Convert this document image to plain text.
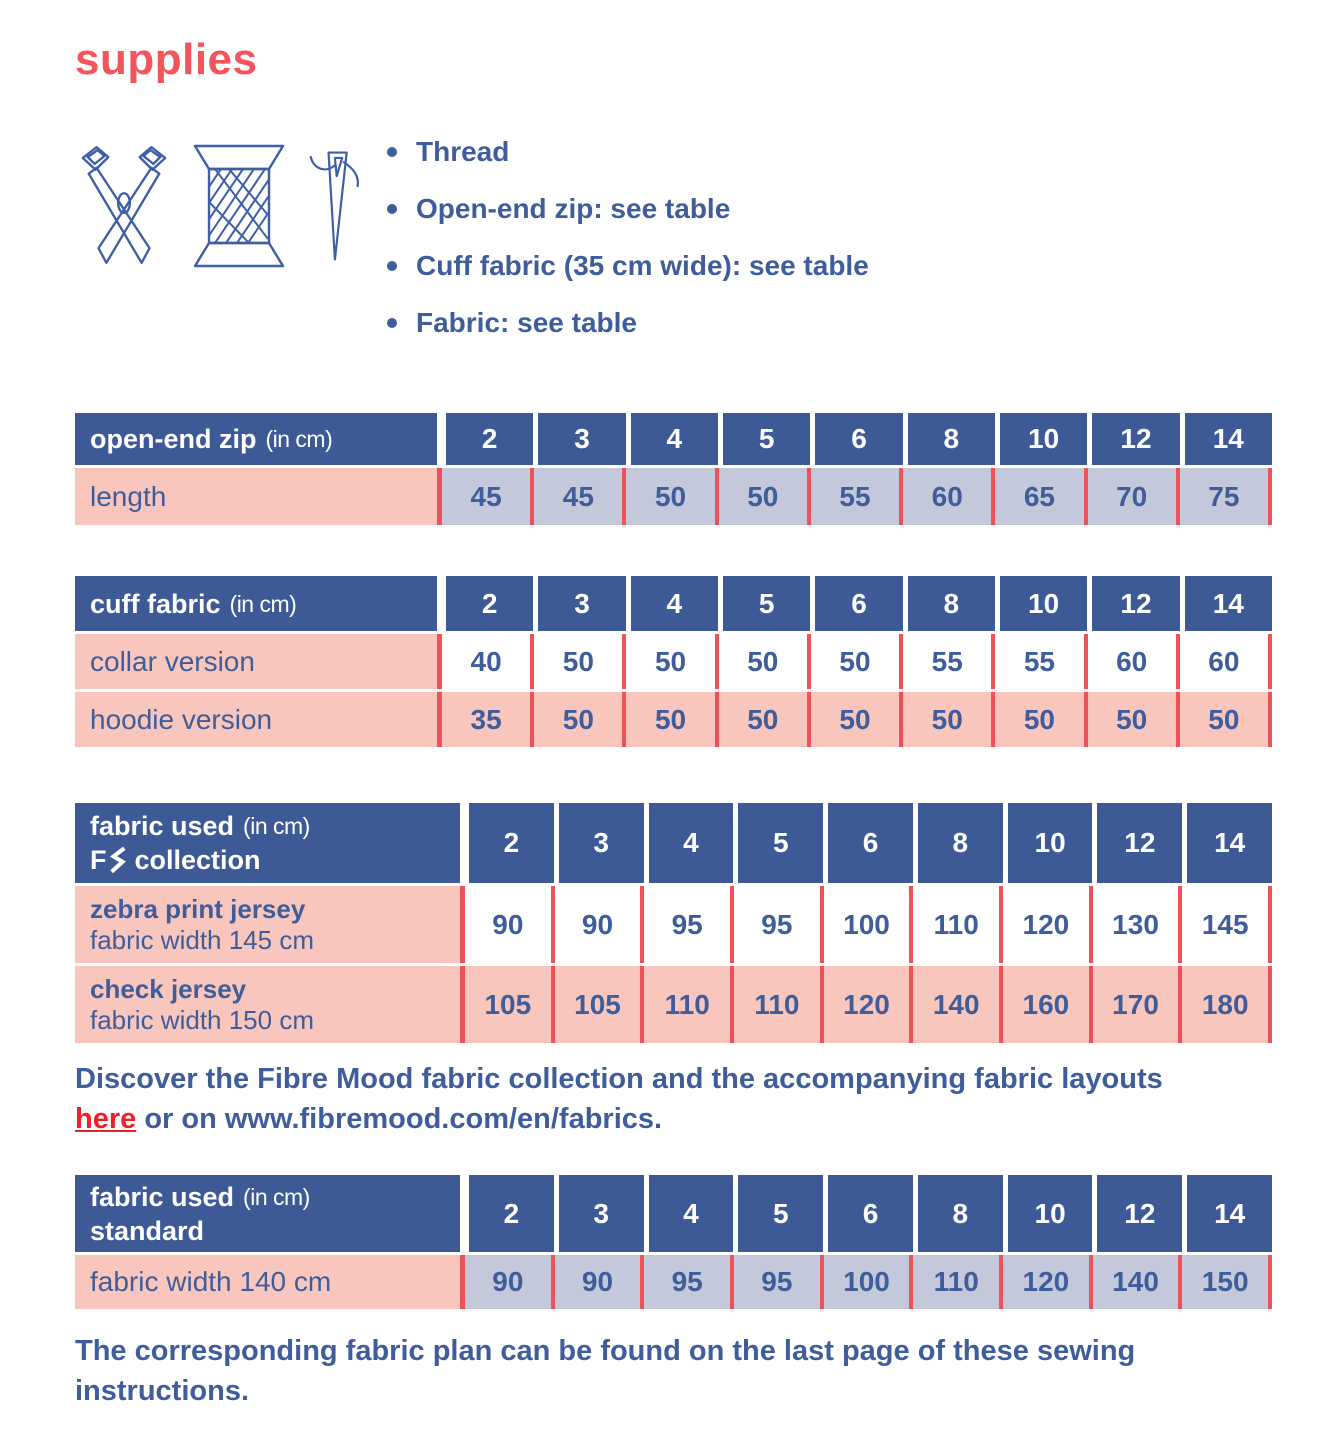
supplies
Thread
Open-end zip: see table
Cuff fabric (35 cm wide): see table
Fabric: see table
open-end zip (in cm)	2	3	4	5	6	8	10	12	14
length	45	45	50	50	55	60	65	70	75
cuff fabric (in cm)	2	3	4	5	6	8	10	12	14
collar version	40	50	50	50	50	55	55	60	60
hoodie version	35	50	50	50	50	50	50	50	50
fabric used (in cm)
F collection
2	3	4	5	6	8	10	12	14
zebra print jersey
fabric width 145 cm	90	90	95	95	100	110	120	130	145
check jersey
fabric width 150 cm	105	105	110	110	120	140	160	170	180

Discover the Fibre Mood fabric collection and the accompanying fabric layouts
here or on www.fibremood.com/en/fabrics.

fabric used (in cm)
standard
2	3	4	5	6	8	10	12	14
fabric width 140 cm	90	90	95	95	100	110	120	140	150

The corresponding fabric plan can be found on the last page of these sewing
instructions.
